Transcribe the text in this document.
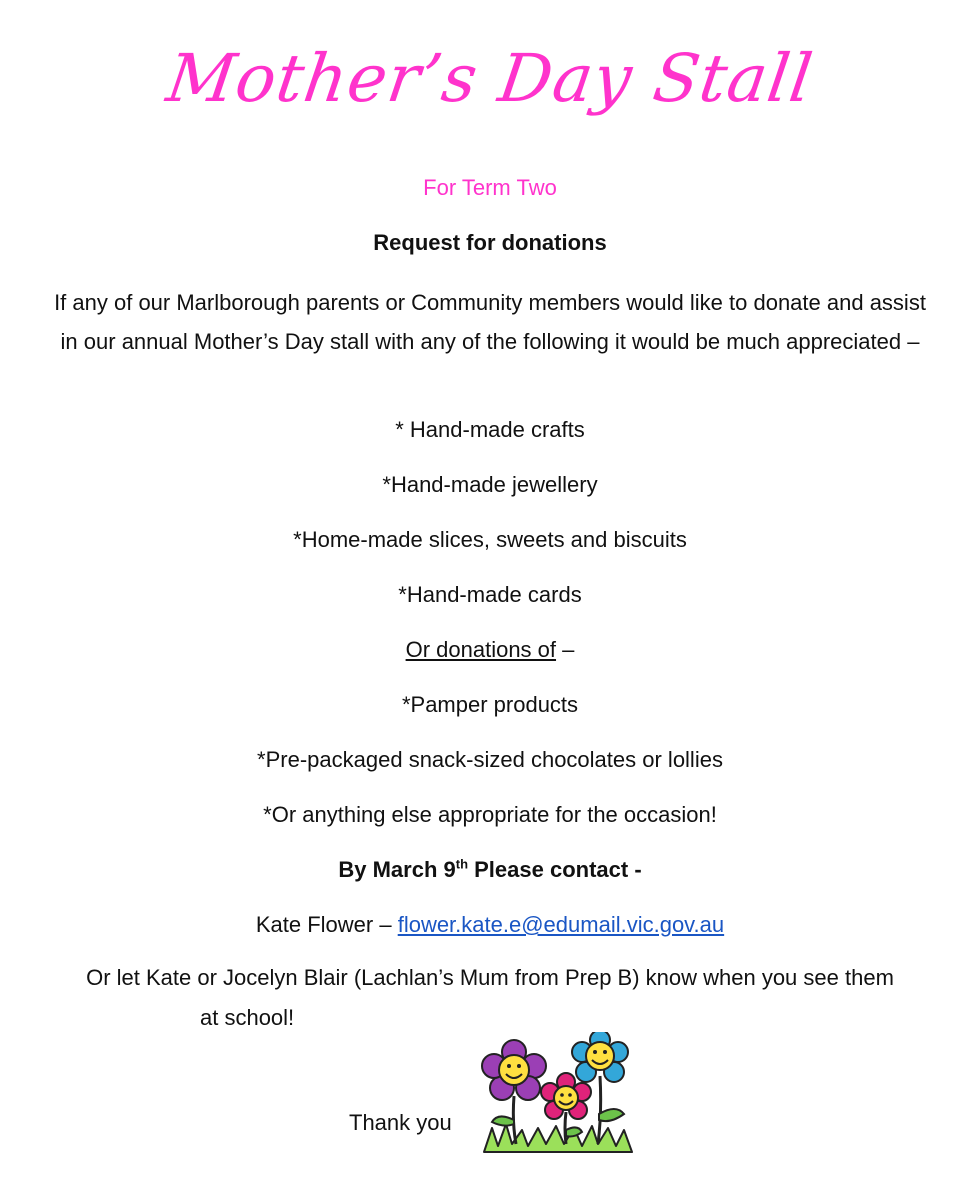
Mother’s Day Stall
For Term Two
Request for donations
If any of our Marlborough parents or Community members would like to donate and assist in our annual Mother’s Day stall with any of the following it would be much appreciated –
* Hand-made crafts
*Hand-made jewellery
*Home-made slices, sweets and biscuits
*Hand-made cards
Or donations of –
*Pamper products
*Pre-packaged snack-sized chocolates or lollies
*Or anything else appropriate for the occasion!
By March 9th Please contact -
Kate Flower – flower.kate.e@edumail.vic.gov.au
Or let Kate or Jocelyn Blair (Lachlan’s Mum from Prep B) know when you see them
at school!
Thank you
